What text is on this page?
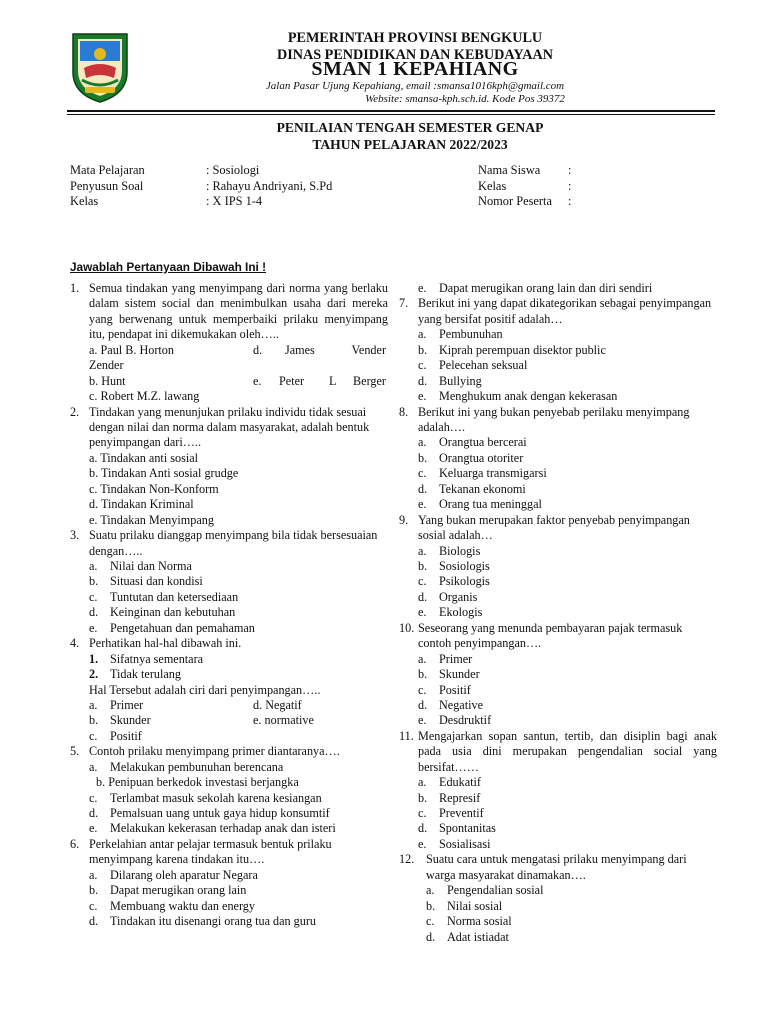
PEMERINTAH PROVINSI BENGKULU
DINAS PENDIDIKAN DAN KEBUDAYAAN
SMAN 1 KEPAHIANG
Jalan Pasar Ujung Kepahiang, email :smansa1016kph@gmail.com
Website: smansa-kph.sch.id. Kode Pos 39372
PENILAIAN TENGAH SEMESTER GENAP
TAHUN PELAJARAN 2022/2023
Mata Pelajaran	: Sosiologi
Penyusun Soal	: Rahayu Andriyani, S.Pd
Kelas	: X IPS 1-4
Nama Siswa :
Kelas	:
Nomor Peserta :
Jawablah Pertanyaan Dibawah Ini !
1. Semua tindakan yang menyimpang dari norma yang berlaku dalam sistem social dan menimbulkan usaha dari mereka yang berwenang untuk memperbaiki prilaku menyimpang itu, pendapat ini dikemukakan oleh…..
a. Paul B. Horton	d. James	Vender
Zender
b. Hunt	e. Peter L Berger
c. Robert M.Z. lawang
2. Tindakan yang menunjukan prilaku individu tidak sesuai dengan nilai dan norma dalam masyarakat, adalah bentuk penyimpangan dari…..
a. Tindakan anti sosial
b. Tindakan Anti sosial grudge
c. Tindakan Non-Konform
d. Tindakan Kriminal
e. Tindakan Menyimpang
3. Suatu prilaku dianggap menyimpang bila tidak bersesuaian dengan…..
a. Nilai dan Norma
b. Situasi dan kondisi
c. Tuntutan dan ketersediaan
d. Keinginan dan kebutuhan
e. Pengetahuan dan pemahaman
4. Perhatikan hal-hal dibawah ini.
1. Sifatnya sementara
2. Tidak terulang
Hal Tersebut adalah ciri dari penyimpangan…..
a. Primer	d. Negatif
b. Skunder	e. normative
c. Positif
5. Contoh prilaku menyimpang primer diantaranya….
a. Melakukan pembunuhan berencana
b. Penipuan berkedok investasi berjangka
c. Terlambat masuk sekolah karena kesiangan
d. Pemalsuan uang untuk gaya hidup konsumtif
e. Melakukan kekerasan terhadap anak dan isteri
6. Perkelahian antar pelajar termasuk bentuk prilaku menyimpang karena tindakan itu….
a. Dilarang oleh aparatur Negara
b. Dapat merugikan orang lain
c. Membuang waktu dan energy
d. Tindakan itu disenangi orang tua dan guru
e. Dapat merugikan orang lain dan diri sendiri
7. Berikut ini yang dapat dikategorikan sebagai penyimpangan yang bersifat positif adalah…
a. Pembunuhan
b. Kiprah perempuan disektor public
c. Pelecehan seksual
d. Bullying
e. Menghukum anak dengan kekerasan
8. Berikut ini yang bukan penyebab perilaku menyimpang adalah….
a. Orangtua bercerai
b. Orangtua otoriter
c. Keluarga transmigarsi
d. Tekanan ekonomi
e. Orang tua meninggal
9. Yang bukan merupakan faktor penyebab penyimpangan sosial adalah…
a. Biologis
b. Sosiologis
c. Psikologis
d. Organis
e. Ekologis
10. Seseorang yang menunda pembayaran pajak termasuk contoh penyimpangan….
a. Primer
b. Skunder
c. Positif
d. Negative
e. Desdruktif
11. Mengajarkan sopan santun, tertib, dan disiplin bagi anak pada usia dini merupakan pengendalian social yang bersifat……
a. Edukatif
b. Represif
c. Preventif
d. Spontanitas
e. Sosialisasi
12. Suatu cara untuk mengatasi prilaku menyimpang dari warga masyarakat dinamakan….
a. Pengendalian sosial
b. Nilai sosial
c. Norma sosial
d. Adat istiadat
